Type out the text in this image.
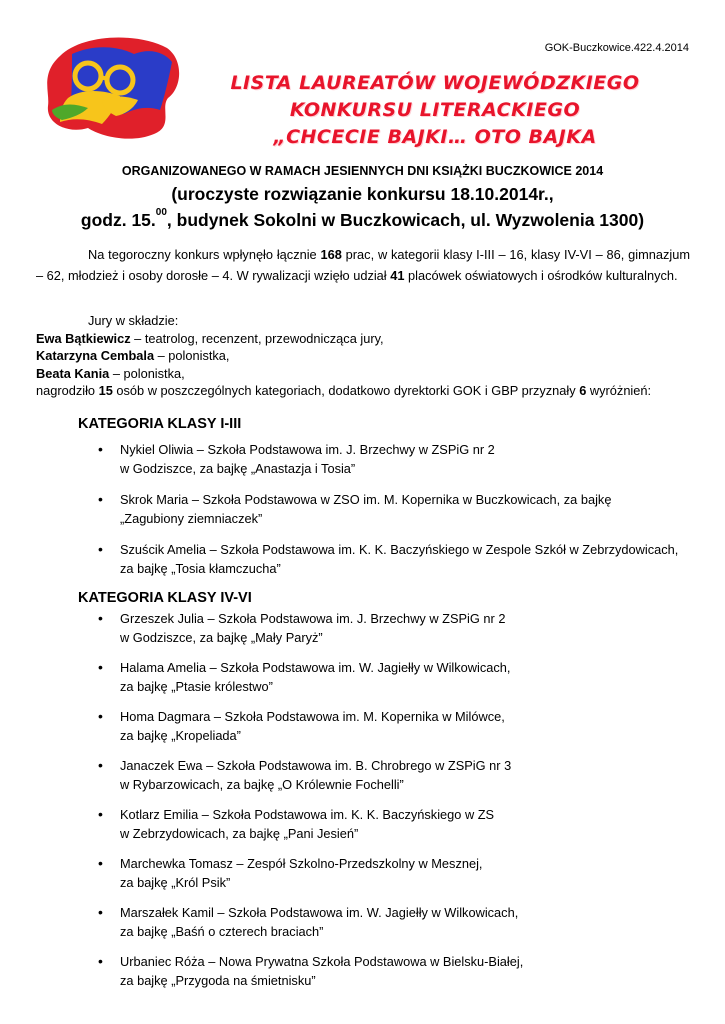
GOK-Buczkowice.422.4.2014
LISTA LAUREATÓW WOJEWÓDZKIEGO
KONKURSU LITERACKIEGO
„CHCECIE BAJKI… OTO BAJKA
ORGANIZOWANEGO W RAMACH JESIENNYCH DNI KSIĄŻKI BUCZKOWICE 2014
(uroczyste rozwiązanie konkursu 18.10.2014r.,
godz. 15.00, budynek Sokolni w Buczkowicach, ul. Wyzwolenia 1300)
Na tegoroczny konkurs wpłynęło łącznie 168 prac, w kategorii klasy I-III – 16, klasy IV-VI – 86, gimnazjum – 62, młodzież i osoby dorosłe – 4. W rywalizacji wzięło udział 41 placówek oświatowych i ośrodków kulturalnych.
Jury w składzie:
Ewa Bątkiewicz – teatrolog, recenzent, przewodnicząca jury,
Katarzyna Cembala – polonistka,
Beata Kania – polonistka,
nagrodziło 15 osób w poszczególnych kategoriach, dodatkowo dyrektorki GOK i GBP przyznały 6 wyróżnień:
KATEGORIA KLASY I-III
• Nykiel Oliwia – Szkoła Podstawowa im. J. Brzechwy w ZSPiG nr 2
w Godziszce, za bajkę „Anastazja i Tosia”
• Skrok Maria – Szkoła Podstawowa w ZSO im. M. Kopernika w Buczkowicach, za bajkę
„Zagubiony ziemniaczek”
• Szuścik Amelia – Szkoła Podstawowa im. K. K. Baczyńskiego w Zespole Szkół w Zebrzydowicach,
za bajkę „Tosia kłamczucha”
KATEGORIA KLASY IV-VI
• Grzeszek Julia – Szkoła Podstawowa im. J. Brzechwy w ZSPiG nr 2
w Godziszce, za bajkę „Mały Paryż”
• Halama Amelia – Szkoła Podstawowa im. W. Jagiełły w Wilkowicach,
za bajkę „Ptasie królestwo”
• Homa Dagmara – Szkoła Podstawowa im. M. Kopernika w Milówce,
za bajkę „Kropeliada”
• Janaczek Ewa – Szkoła Podstawowa im. B. Chrobrego w ZSPiG nr 3
w Rybarzowicach, za bajkę „O Królewnie Fochelli”
• Kotlarz Emilia – Szkoła Podstawowa im. K. K. Baczyńskiego w ZS
w Zebrzydowicach, za bajkę „Pani Jesień”
• Marchewka Tomasz – Zespół Szkolno-Przedszkolny w Mesznej,
za bajkę „Król Psik”
• Marszałek Kamil – Szkoła Podstawowa im. W. Jagiełły w Wilkowicach,
za bajkę „Baśń o czterech braciach”
• Urbaniec Róża – Nowa Prywatna Szkoła Podstawowa w Bielsku-Białej,
za bajkę „Przygoda na śmietnisku”
